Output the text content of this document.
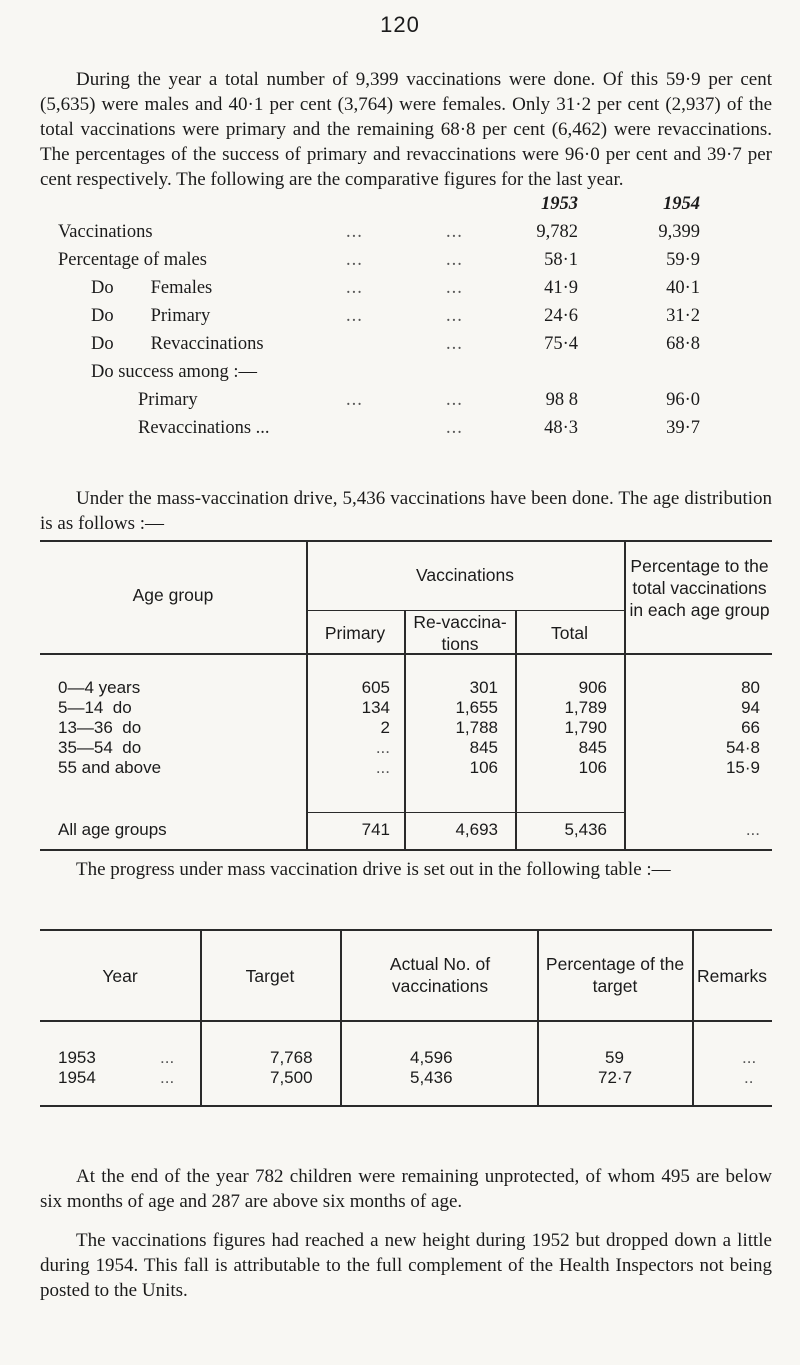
120

During the year a total number of 9,399 vaccinations were done. Of this 59·9 per cent (5,635) were males and 40·1 per cent (3,764) were females. Only 31·2 per cent (2,937) of the total vaccinations were primary and the remaining 68·8 per cent (6,462) were revaccinations. The percentages of the success of primary and revaccinations were 96·0 per cent and 39·7 per cent respectively. The following are the comparative figures for the last year.

1953	1954
Vaccinations	...	...	9,782	9,399
Percentage of males	...	...	58·1	59·9
Do        Females	...	...	41·9	40·1
Do        Primary	...	...	24·6	31·2
Do        Revaccinations	...	75·4	68·8
Do success among :—
Primary	...	...	98 8	96·0
Revaccinations ...	...	48·3	39·7

Under the mass-vaccination drive, 5,436 vaccinations have been done. The age distribution is as follows :—

Age group
Vaccinations
Primary
Re-vaccina-tions
Total
Percentage to the total vaccinations in each age group
0—4 years	605	301	906	80
5—14  do	134	1,655	1,789	94
13—36  do	2	1,788	1,790	66
35—54  do	...	845	845	54·8
55 and above	...	106	106	15·9
All age groups	741	4,693	5,436	...

The progress under mass vaccination drive is set out in the following table :—

Year	Target
Actual No. of vaccinations
Percentage of the target	Remarks
1953	...	7,768	4,596	59	...
1954	...	7,500	5,436	72·7	..

At the end of the year 782 children were remaining unprotected, of whom 495 are below six months of age and 287 are above six months of age.

The vaccinations figures had reached a new height during 1952 but dropped down a little during 1954. This fall is attributable to the full complement of the Health Inspectors not being posted to the Units.
